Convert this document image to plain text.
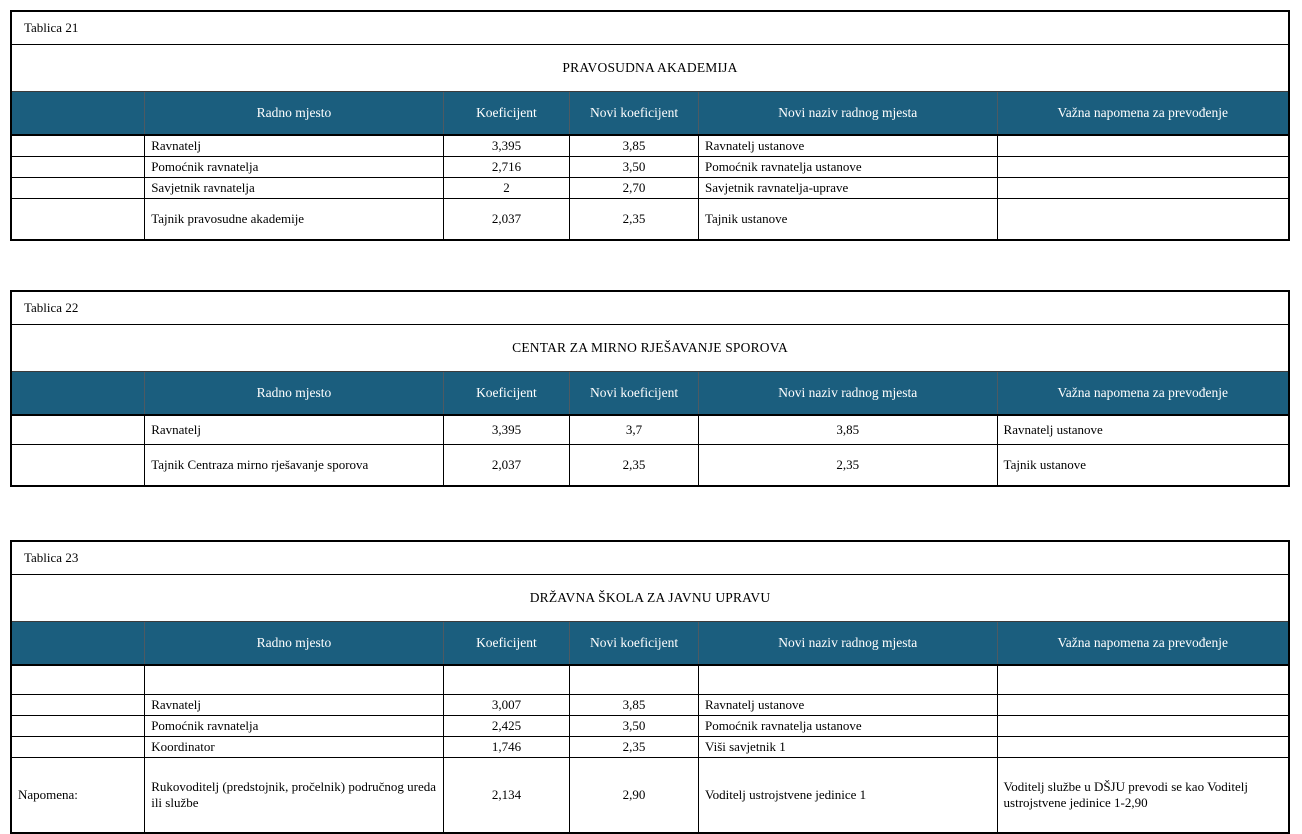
Tablica 21
PRAVOSUDNA AKADEMIJA
	Radno mjesto	Koeficijent	Novi koeficijent	Novi naziv radnog mjesta	Važna napomena za prevođenje
	Ravnatelj	3,395	3,85	Ravnatelj ustanove	
	Pomoćnik ravnatelja	2,716	3,50	Pomoćnik ravnatelja ustanove	
	Savjetnik ravnatelja	2	2,70	Savjetnik ravnatelja-uprave	
	Tajnik pravosudne akademije	2,037	2,35	Tajnik ustanove	
Tablica 22
CENTAR ZA MIRNO RJEŠAVANJE SPOROVA
	Radno mjesto	Koeficijent	Novi koeficijent	Novi naziv radnog mjesta	Važna napomena za prevođenje
	Ravnatelj	3,395	3,7	3,85	Ravnatelj ustanove
	Tajnik Centraza mirno rješavanje sporova	2,037	2,35	2,35	Tajnik ustanove
Tablica 23
DRŽAVNA ŠKOLA ZA JAVNU UPRAVU
	Radno mjesto	Koeficijent	Novi koeficijent	Novi naziv radnog mjesta	Važna napomena za prevođenje

	Ravnatelj	3,007	3,85	Ravnatelj ustanove	
	Pomoćnik ravnatelja	2,425	3,50	Pomoćnik ravnatelja ustanove	
	Koordinator	1,746	2,35	Viši savjetnik 1	
Napomena:	Rukovoditelj (predstojnik, pročelnik) područnog ureda ili službe	2,134	2,90	Voditelj ustrojstvene jedinice 1	Voditelj službe u DŠJU prevodi se kao Voditelj ustrojstvene jedinice 1-2,90
